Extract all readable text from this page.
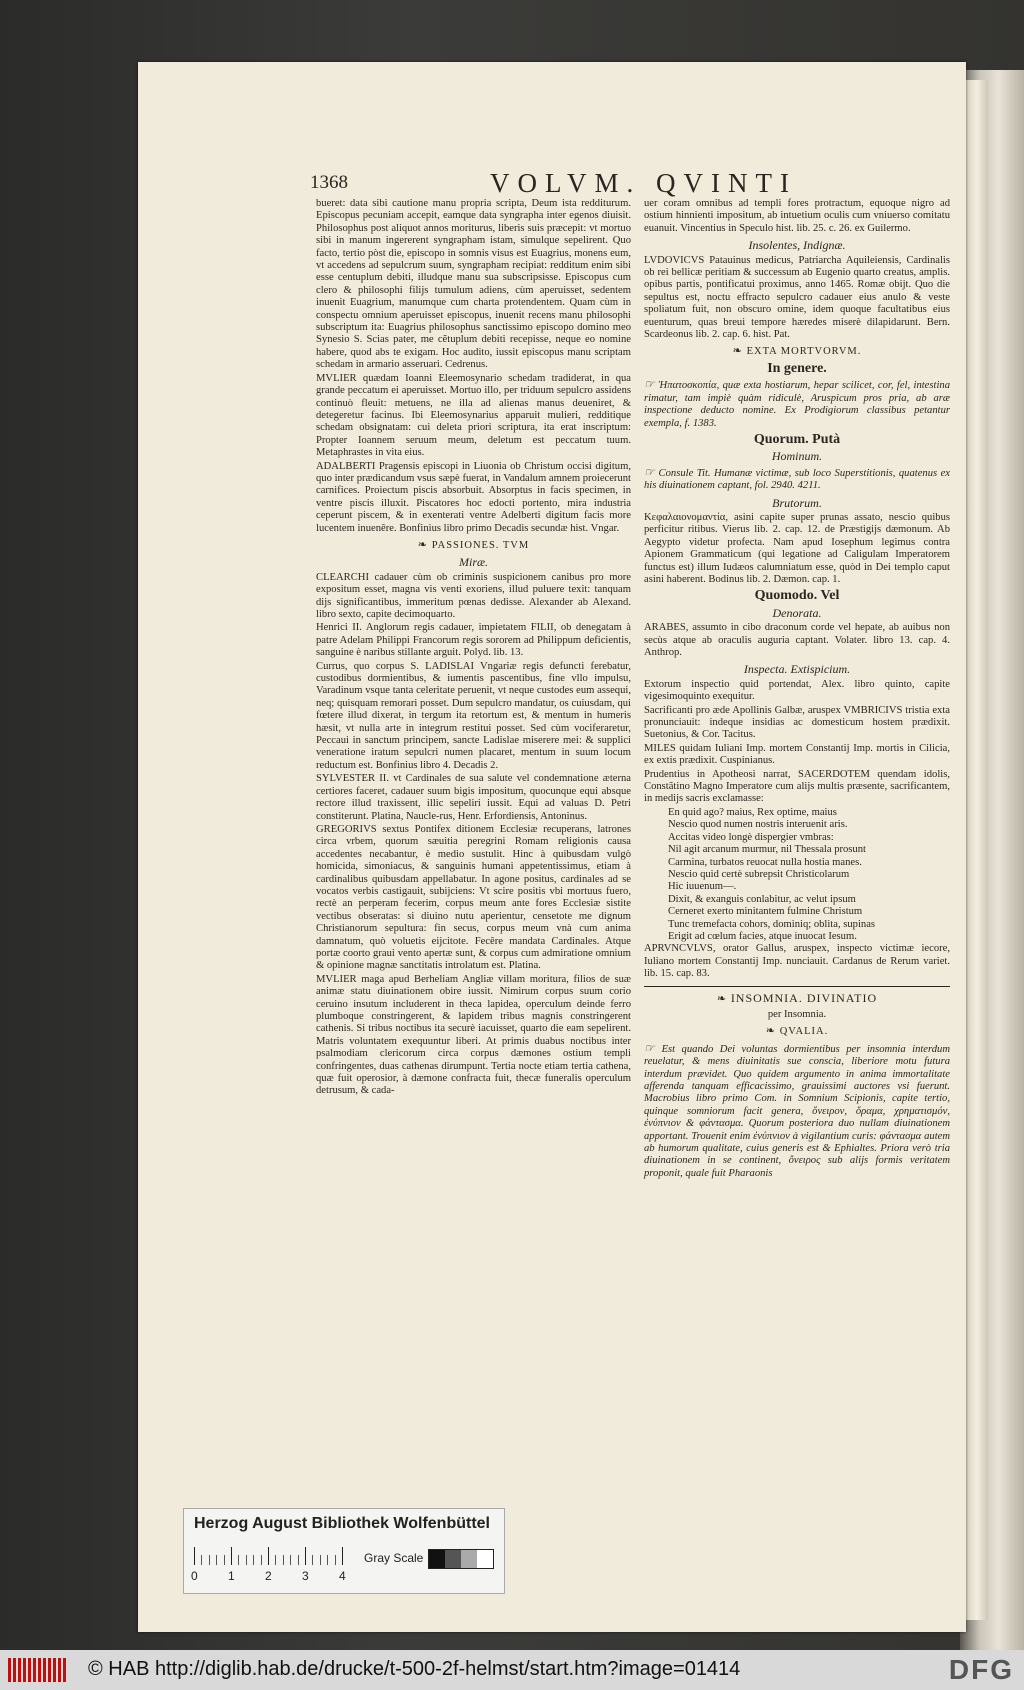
1368	VOLVM. QVINTI

bueret: data sibi cautione manu propria scripta, Deum ista redditurum. Episcopus pecuniam accepit, eamque data syngrapha inter egenos diuisit. Philosophus post aliquot annos moriturus, liberis suis præcepit: vt mortuo sibi in manum ingererent syngrapham istam, simulque sepelirent. Quo facto, tertio pòst die, episcopo in somnis visus est Euagrius, monens eum, vt accedens ad sepulcrum suum, syngrapham recipiat: redditum enim sibi esse centuplum debiti, illudque manu sua subscripsisse. Episcopus cum clero & philosophi filijs tumulum adiens, cùm aperuisset, sedentem inuenit Euagrium, manumque cum charta protendentem. Quam cùm in conspectu omnium aperuisset episcopus, inuenit recens manu philosophi subscriptum ita: Euagrius philosophus sanctissimo episcopo domino meo Synesio S. Scias pater, me cẽtuplum debiti recepisse, neque eo nomine habere, quod abs te exigam. Hoc audito, iussit episcopus manu scriptam schedam in armario asseruari. Cedrenus.

MVLIER quædam Ioanni Eleemosynario schedam tradiderat, in qua grande peccatum ei aperuisset. Mortuo illo, per triduum sepulcro assidens continuò fleuit: metuens, ne illa ad alienas manus deueniret, & detegeretur facinus. Ibi Eleemosynarius apparuit mulieri, redditique schedam obsignatam: cui deleta priori scriptura, ita erat inscriptum: Propter Ioannem seruum meum, deletum est peccatum tuum. Metaphrastes in vita eius.

ADALBERTI Pragensis episcopi in Liuonia ob Christum occisi digitum, quo inter prædicandum vsus sæpè fuerat, in Vandalum amnem proiecerunt carnifices. Proiectum piscis absorbuit. Absorptus in facis specimen, in ventre piscis illuxit. Piscatores hoc edocti portento, mira industria ceperunt piscem, & in exenterati ventre Adelberti digitum facis more lucentem inuenêre. Bonfinius libro primo Decadis secundæ hist. Vngar.

❧ PASSIONES. TVM
Miræ.

CLEARCHI cadauer cùm ob criminis suspicionem canibus pro more expositum esset, magna vis venti exoriens, illud puluere texit: tanquam dijs significantibus, immeritum pœnas dedisse. Alexander ab Alexand. libro sexto, capite decimoquarto.

Henrici II. Anglorum regis cadauer, impietatem FILII, ob denegatam à patre Adelam Philippi Francorum regis sororem ad Philippum deficientis, sanguine è naribus stillante arguit. Polyd. lib. 13.

Currus, quo corpus S. LADISLAI Vngariæ regis defuncti ferebatur, custodibus dormientibus, & iumentis pascentibus, fine vllo impulsu, Varadinum vsque tanta celeritate peruenit, vt neque custodes eum assequi, neq; quisquam remorari posset. Dum sepulcro mandatur, os cuiusdam, qui fœtere illud dixerat, in tergum ita retortum est, & mentum in humeris hæsit, vt nulla arte in integrum restitui posset. Sed cùm vociferaretur, Peccaui in sanctum principem, sancte Ladislae miserere mei: & supplici veneratione iratum sepulcri numen placaret, mentum in suum locum reductum est. Bonfinius libro 4. Decadis 2.

SYLVESTER II. vt Cardinales de sua salute vel condemnatione æterna certiores faceret, cadauer suum bigis impositum, quocunque equi absque rectore illud traxissent, illic sepeliri iussit. Equi ad valuas D. Petri constiterunt. Platina, Naucle-rus, Henr. Erfordiensis, Antoninus.

GREGORIVS sextus Pontifex ditionem Ecclesiæ recuperans, latrones circa vrbem, quorum sæuitia peregrini Romam religionis causa accedentes necabantur, è medio sustulit. Hinc à quibusdam vulgò homicida, simoniacus, & sanguinis humani appetentissimus, etiam à cardinalibus quibusdam appellabatur. In agone positus, cardinales ad se vocatos verbis castigauit, subijciens: Vt scire positis vbi mortuus fuero, rectè an perperam fecerim, corpus meum ante fores Ecclesiæ sistite vectibus obseratas: si diuino nutu aperientur, censetote me dignum Christianorum sepultura: fin secus, corpus meum vnà cum anima damnatum, quò voluetis eijcitote. Fecêre mandata Cardinales. Atque portæ coorto graui vento apertæ sunt, & corpus cum admiratione omnium & opinione magnæ sanctitatis introlatum est. Platina.

MVLIER maga apud Berheliam Angliæ villam moritura, filios de suæ animæ statu diuinationem obire iussit. Nimirum corpus suum corio ceruino insutum includerent in theca lapidea, operculum deinde ferro plumboque constringerent, & lapidem tribus magnis constringerent cathenis. Si tribus noctibus ita securè iacuisset, quarto die eam sepelirent. Matris voluntatem exequuntur liberi. At primis duabus noctibus inter psalmodiam clericorum circa corpus dæmones ostium templi confringentes, duas cathenas dirumpunt. Tertia nocte etiam tertia cathena, quæ fuit operosior, à dæmone confracta fuit, thecæ funeralis operculum detrusum, & cada-

uer coram omnibus ad templi fores protractum, equoque nigro ad ostium hinnienti impositum, ab intuetium oculis cum vniuerso comitatu euanuit. Vincentius in Speculo hist. lib. 25. c. 26. ex Guilermo.

Insolentes, Indignæ.

LVDOVICVS Patauinus medicus, Patriarcha Aquileiensis, Cardinalis ob rei bellicæ peritiam & successum ab Eugenio quarto creatus, amplis. opibus partis, pontificatui proximus, anno 1465. Romæ obijt. Quo die sepultus est, noctu effracto sepulcro cadauer eius anulo & veste spoliatum fuit, non obscuro omine, idem quoque facultatibus eius euenturum, quas breui tempore hæredes miserè dilapidarunt. Bern. Scardeonus lib. 2. cap. 6. hist. Pat.

❧ EXTA MORTVORVM.
In genere.

☞ Ἡπατοσκοπία, quæ exta hostiarum, hepar scilicet, cor, fel, intestina rimatur, tam impiè quàm ridiculè, Aruspicum pros pria, ab aræ inspectione deducto nomine. Ex Prodigiorum classibus petantur exempla, f. 1383.

Quorum. Putà
Hominum.

☞ Consule Tit. Humanæ victimæ, sub loco Superstitionis, quatenus ex his diuinationem captant, fol. 2940. 4211.

Brutorum.

Κεφαλαιονομαντία, asini capite super prunas assato, nescio quibus perficitur ritibus. Vierus lib. 2. cap. 12. de Præstigijs dæmonum. Ab Aegypto videtur profecta. Nam apud Iosephum legimus contra Apionem Grammaticum (qui legatione ad Caligulam Imperatorem functus est) illum Iudæos calumniatum esse, quòd in Dei templo caput asini haberent. Bodinus lib. 2. Dæmon. cap. 1.

Quomodo. Vel
Denorata.

ARABES, assumto in cibo draconum corde vel hepate, ab auibus non secùs atque ab oraculis auguria captant. Volater. libro 13. cap. 4. Anthrop.

Inspecta. Extispicium.

Extorum inspectio quid portendat, Alex. libro quinto, capite vigesimoquinto exequitur.

Sacrificanti pro æde Apollinis Galbæ, aruspex VMBRICIVS tristia exta pronunciauit: indeque insidias ac domesticum hostem prædixit. Suetonius, & Cor. Tacitus.

MILES quidam Iuliani Imp. mortem Constantij Imp. mortis in Cilicia, ex extis prædixit. Cuspinianus.

Prudentius in Apotheosi narrat, SACERDOTEM quendam idolis, Constãtino Magno Imperatore cum alijs multis præsente, sacrificantem, in medijs sacris exclamasse:

En quid ago? maius, Rex optime, maius
Nescio quod numen nostris interuenit aris.
Accitas video longè dispergier vmbras:
Nil agit arcanum murmur, nil Thessala prosunt
Carmina, turbatos reuocat nulla hostia manes.
Nescio quid certè subrepsit Christicolarum
Hic iuuenum—.
Dixit, & exanguis conlabitur, ac velut ipsum
Cerneret exerto minitantem fulmine Christum
Tunc tremefacta cohors, dominiq; oblita, supinas
Erigit ad cœlum facies, atque inuocat Iesum.

APRVNCVLVS, orator Gallus, aruspex, inspecto victimæ iecore, Iuliano mortem Constantij Imp. nunciauit. Cardanus de Rerum variet. lib. 15. cap. 83.

❧ INSOMNIA. DIVINATIO
per Insomnia.
❧ QVALIA.

☞ Est quando Dei voluntas dormientibus per insomnia interdum reuelatur, & mens diuinitatis sue conscia, liberiore motu futura interdum prævidet. Quo quidem argumento in anima immortalitate afferenda tanquam efficacissimo, grauissimi auctores vsi fuerunt. Macrobius libro primo Com. in Somnium Scipionis, capite tertio, quinque somniorum facit genera, ὄνειρον, ὅραμα, χρηματισμόν, ἐνύπνιον & φάντασμα. Quorum posteriora duo nullam diuinationem apportant. Trouenit enim ἐνύπνιον à vigilantium curis: φάντασμα autem ab humorum qualitate, cuius generis est & Ephialtes. Priora verò tria diuinationem in se continent, ὄνειρος sub alijs formis veritatem proponit, quale fuit Pharaonis

Herzog August Bibliothek Wolfenbüttel
0	1	2	3	4
Gray Scale
© HAB http://diglib.hab.de/drucke/t-500-2f-helmst/start.htm?image=01414	DFG
